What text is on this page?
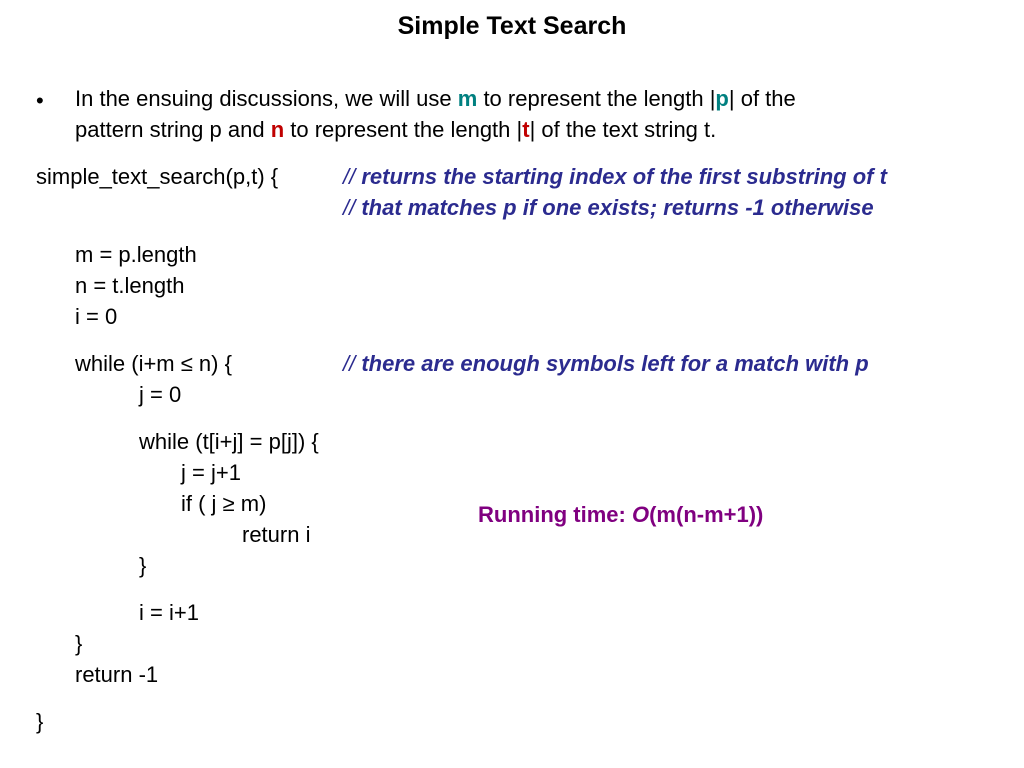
Simple Text Search
• In the ensuing discussions, we will use m to represent the length |p| of the
pattern string p and n to represent the length |t| of the text string t.
simple_text_search(p,t) {	// returns the starting index of the first substring of t
// that matches p if one exists; returns -1 otherwise
m = p.length
n = t.length
i = 0
while (i+m ≤ n) {	// there are enough symbols left for a match with p
j = 0
while (t[i+j] = p[j]) {
j = j+1
if ( j ≥ m)
return i
}
i = i+1
}
return -1
}
Running time: O(m(n-m+1))
